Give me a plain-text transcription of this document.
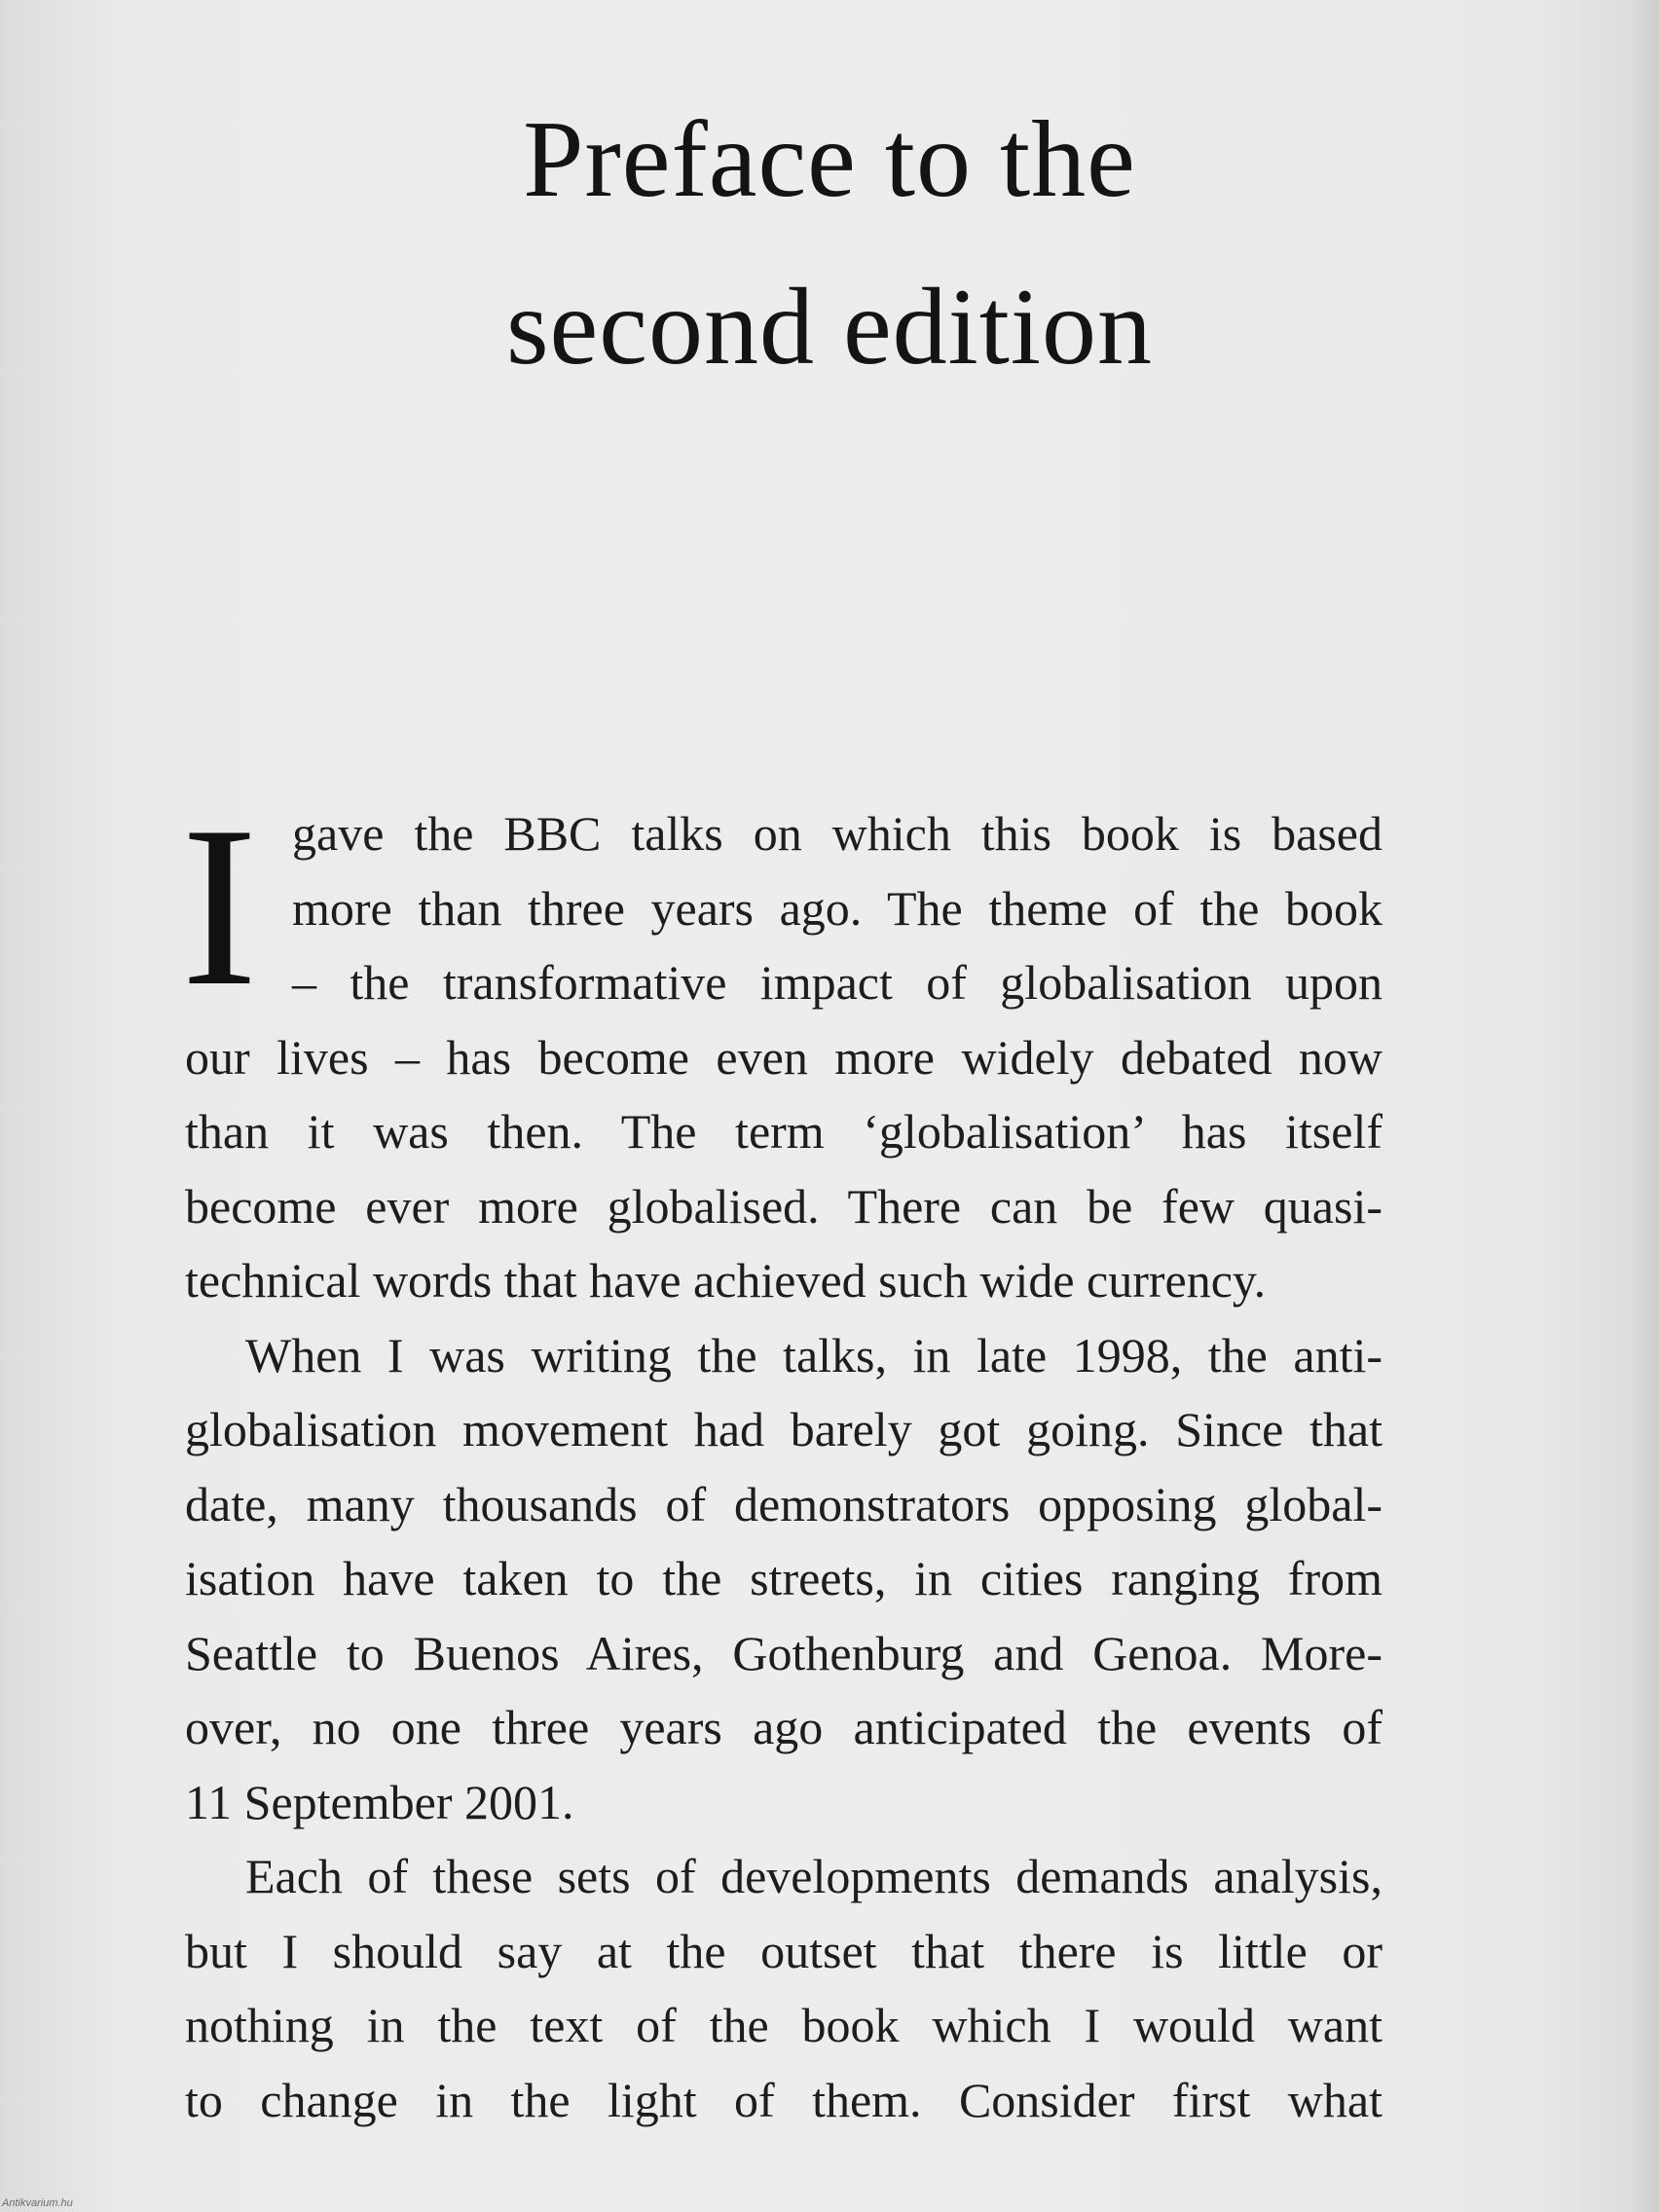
Preface to the
second edition
I gave the BBC talks on which this book is based
more than three years ago. The theme of the book
– the transformative impact of globalisation upon
our lives – has become even more widely debated now
than it was then. The term ‘globalisation’ has itself
become ever more globalised. There can be few quasi-
technical words that have achieved such wide currency.
When I was writing the talks, in late 1998, the anti-
globalisation movement had barely got going. Since that
date, many thousands of demonstrators opposing global-
isation have taken to the streets, in cities ranging from
Seattle to Buenos Aires, Gothenburg and Genoa. More-
over, no one three years ago anticipated the events of
11 September 2001.
Each of these sets of developments demands analysis,
but I should say at the outset that there is little or
nothing in the text of the book which I would want
to change in the light of them. Consider first what
Antikvarium.hu
